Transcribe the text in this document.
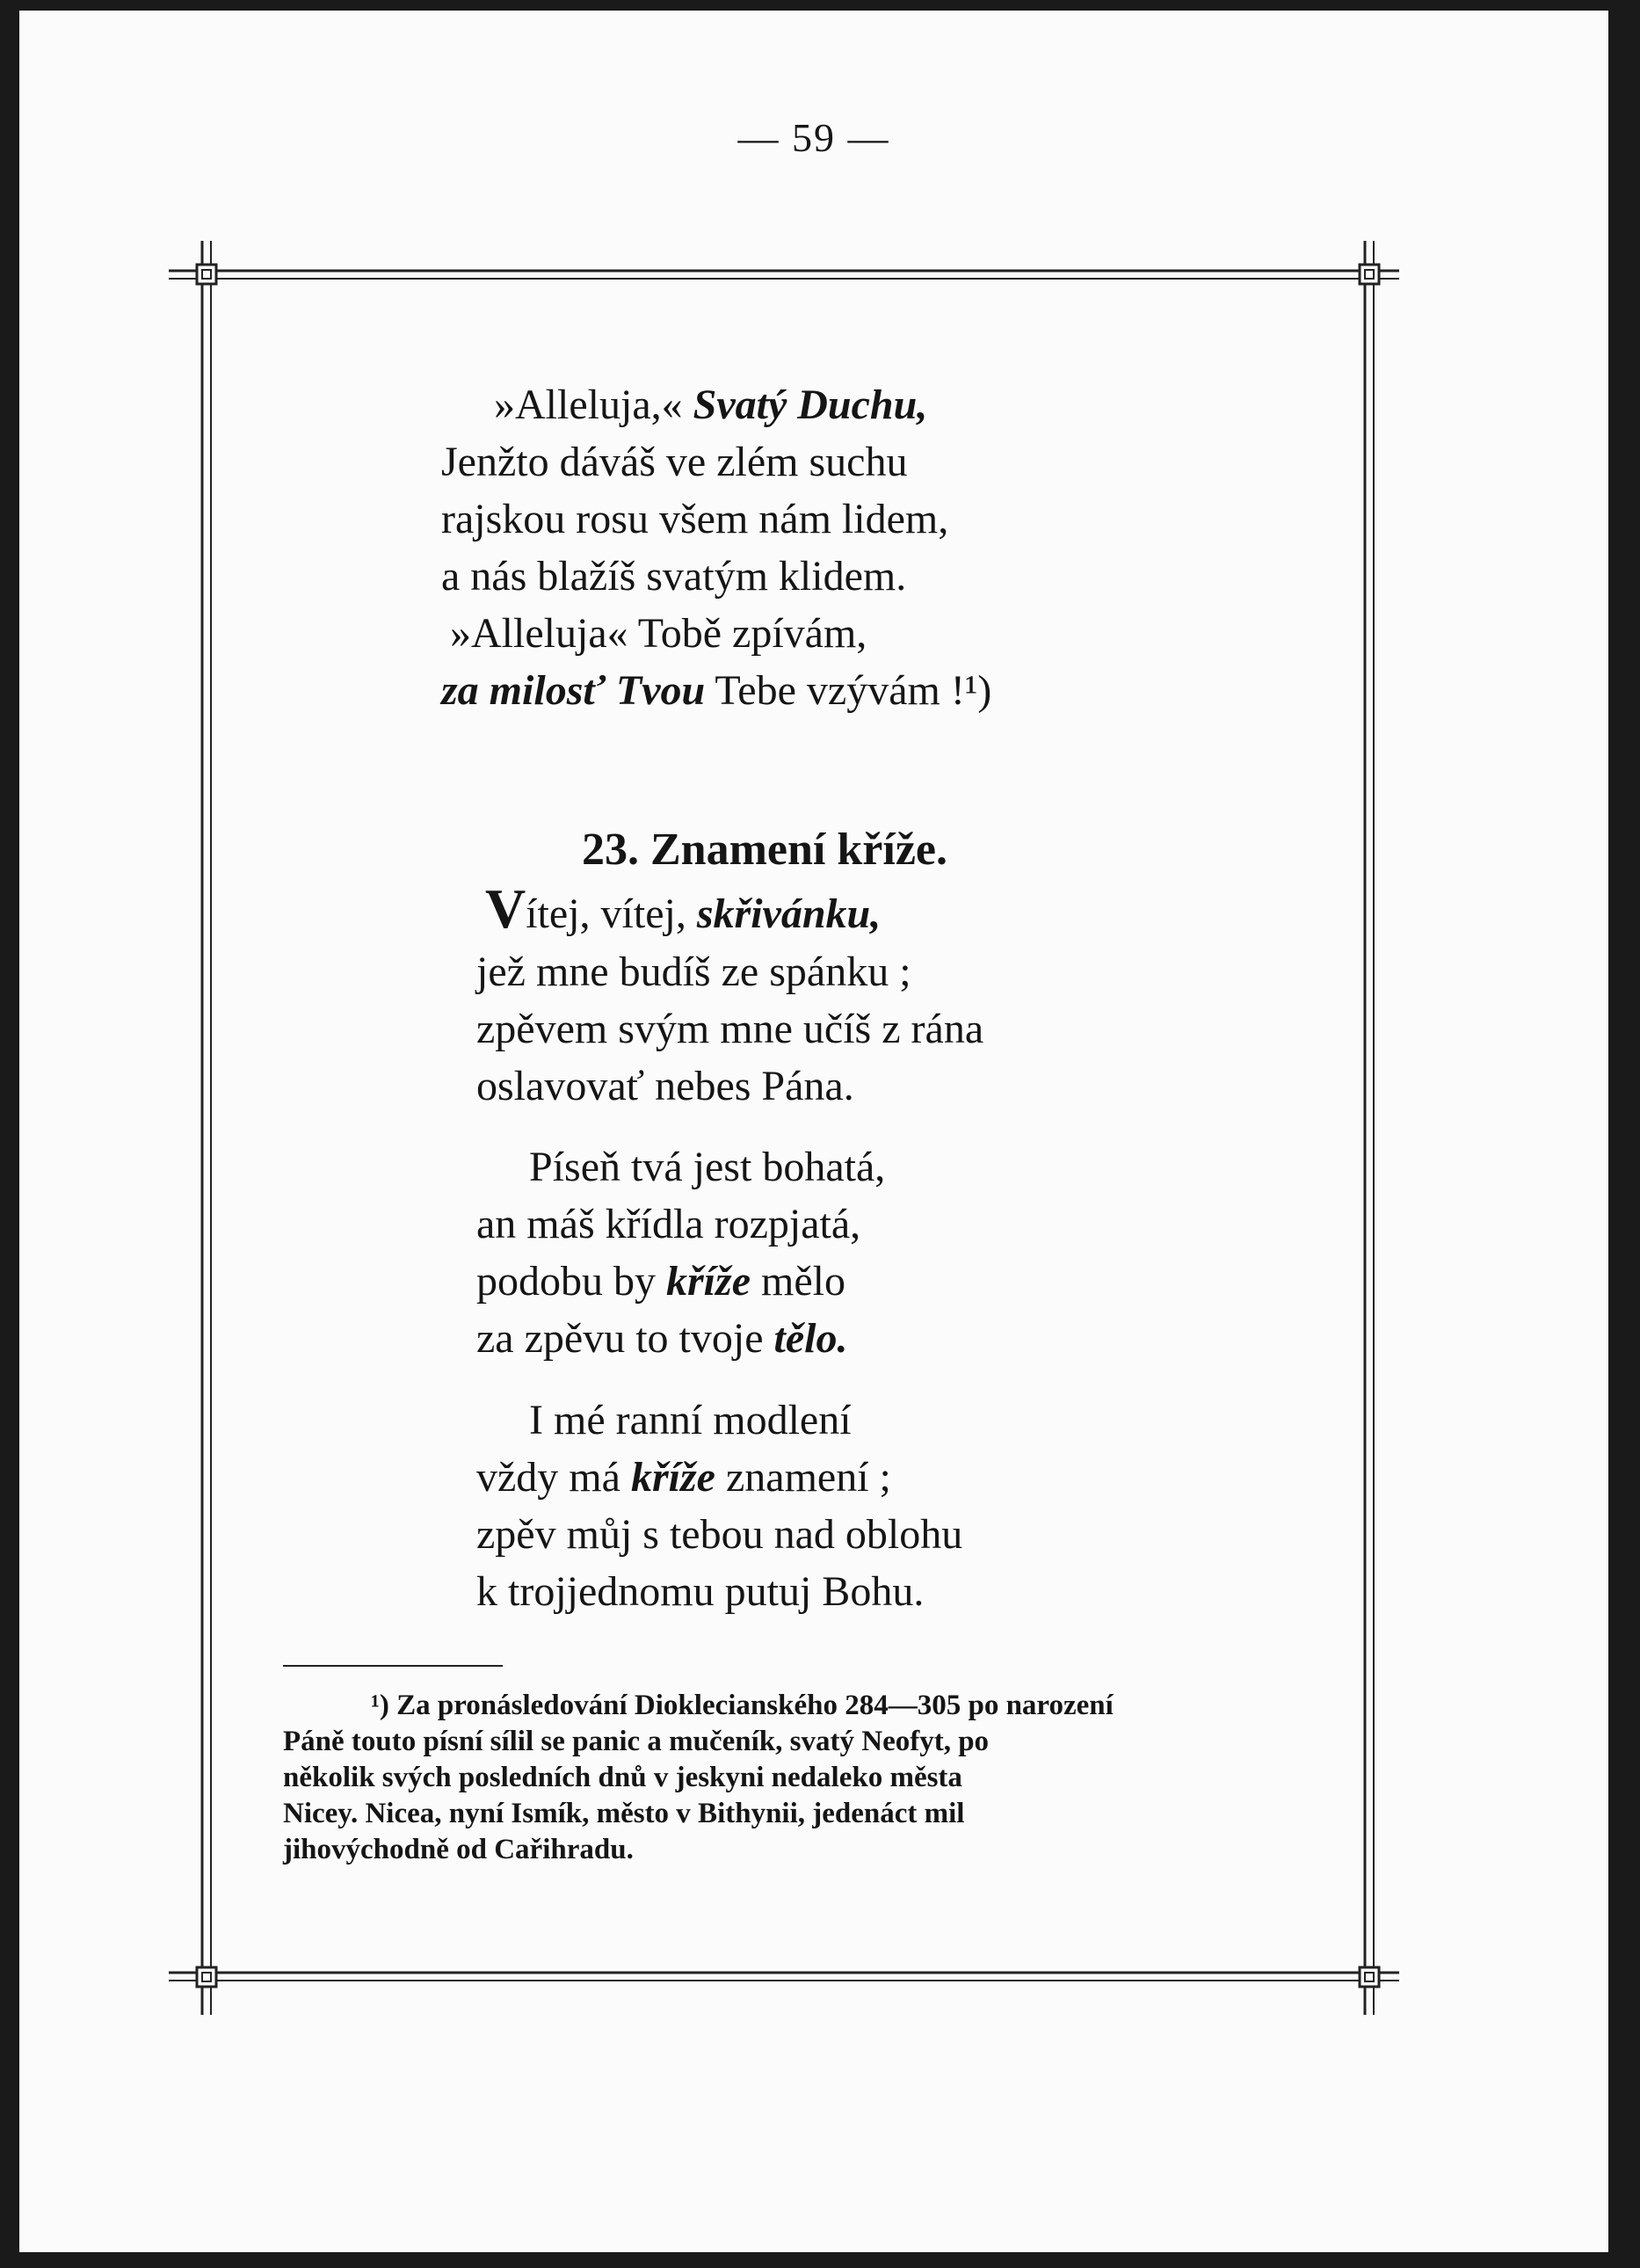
— 59 —
»Alleluja,« Svatý Duchu,
Jenžto dáváš ve zlém suchu
rajskou rosu všem nám lidem,
a nás blažíš svatým klidem.
»Alleluja« Tobě zpívám,
za milosť Tvou Tebe vzývám !¹)
23. Znamení kříže.
Vítej, vítej, skřivánku,
jež mne budíš ze spánku ;
zpěvem svým mne učíš z rána
oslavovať nebes Pána.
Píseň tvá jest bohatá,
an máš křídla rozpjatá,
podobu by kříže mělo
za zpěvu to tvoje tělo.
I mé ranní modlení
vždy má kříže znamení ;
zpěv můj s tebou nad oblohu
k trojjednomu putuj Bohu.
¹) Za pronásledování Dioklecianského 284—305 po narození
Páně touto písní sílil se panic a mučeník, svatý Neofyt, po
několik svých posledních dnů v jeskyni nedaleko města
Nicey. Nicea, nyní Ismík, město v Bithynii, jedenáct mil
jihovýchodně od Cařihradu.
